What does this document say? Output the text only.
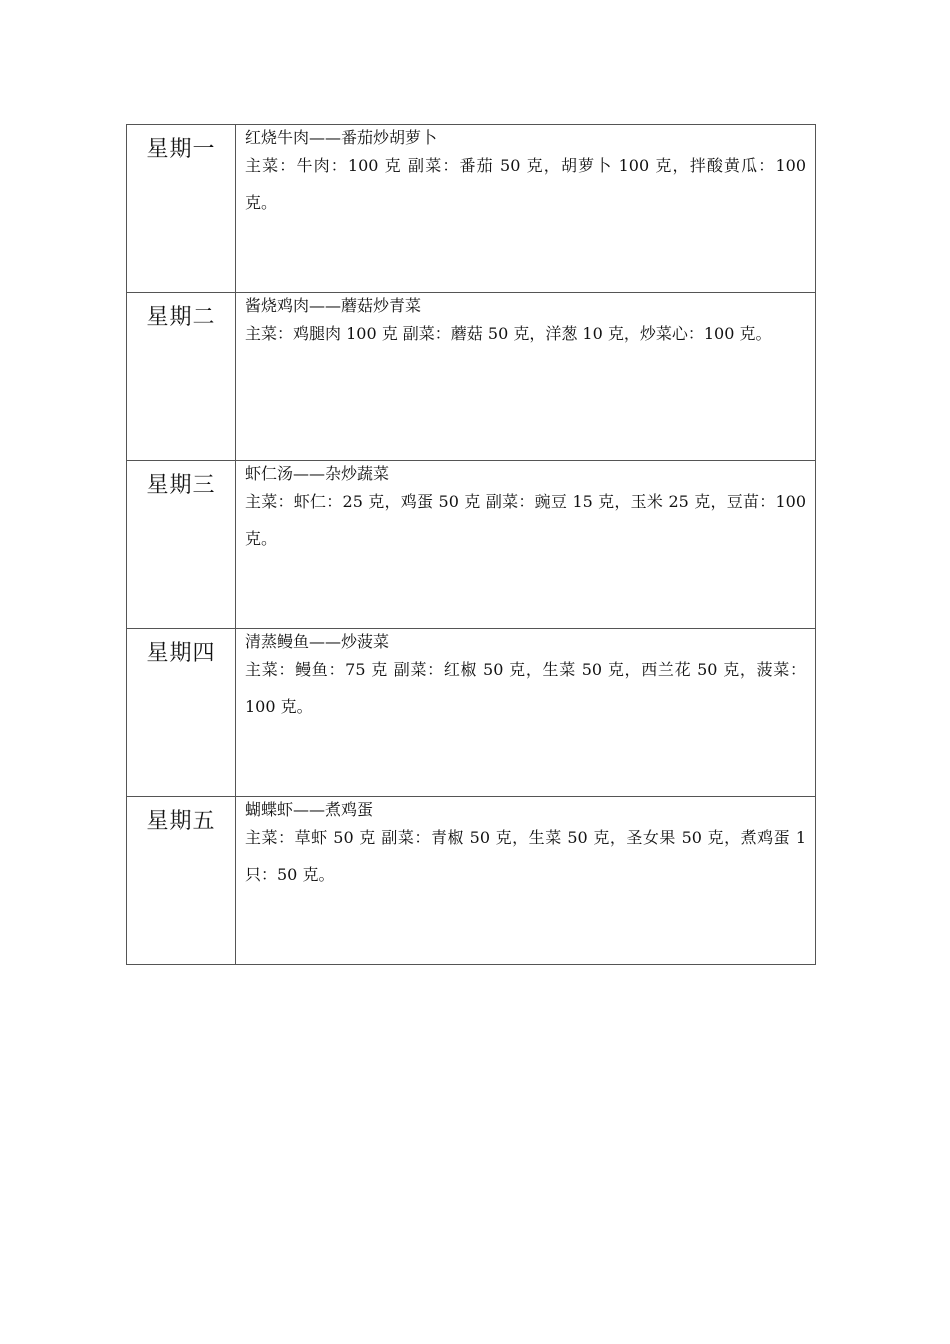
星期一	红烧牛肉——番茄炒胡萝卜
主菜：牛肉：100 克 副菜：番茄 50 克，胡萝卜 100 克，拌酸黄瓜：100 克。

星期二	酱烧鸡肉——蘑菇炒青菜
主菜：鸡腿肉 100 克 副菜：蘑菇 50 克，洋葱 10 克，炒菜心：100 克。

星期三	虾仁汤——杂炒蔬菜
主菜：虾仁：25 克，鸡蛋 50 克 副菜：豌豆 15 克，玉米 25 克，豆苗：100 克。

星期四	清蒸鳗鱼——炒菠菜
主菜：鳗鱼：75 克 副菜：红椒 50 克，生菜 50 克，西兰花 50 克，菠菜：100 克。

星期五	蝴蝶虾——煮鸡蛋
主菜：草虾 50 克 副菜：青椒 50 克，生菜 50 克，圣女果 50 克，煮鸡蛋 1 只：50 克。
